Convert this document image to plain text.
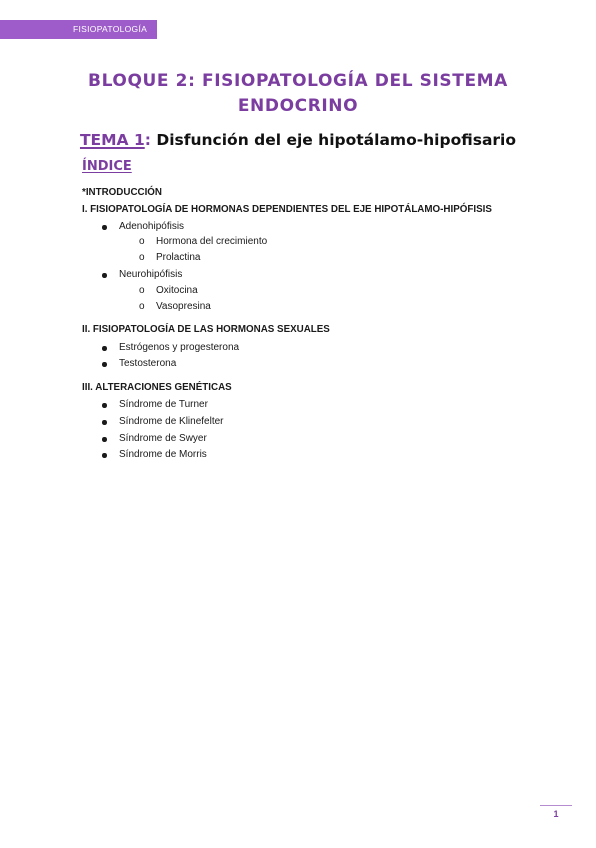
FISIOPATOLOGÍA
BLOQUE 2: FISIOPATOLOGÍA DEL SISTEMA
ENDOCRINO
TEMA 1: Disfunción del eje hipotálamo-hipofisario
ÍNDICE
*INTRODUCCIÓN
I. FISIOPATOLOGÍA DE HORMONAS DEPENDIENTES DEL EJE HIPOTÁLAMO-HIPÓFISIS
Adenohipófisis
o Hormona del crecimiento
o Prolactina
Neurohipófisis
o Oxitocina
o Vasopresina
II. FISIOPATOLOGÍA DE LAS HORMONAS SEXUALES
Estrógenos y progesterona
Testosterona
III. ALTERACIONES GENÉTICAS
Síndrome de Turner
Síndrome de Klinefelter
Síndrome de Swyer
Síndrome de Morris
1
